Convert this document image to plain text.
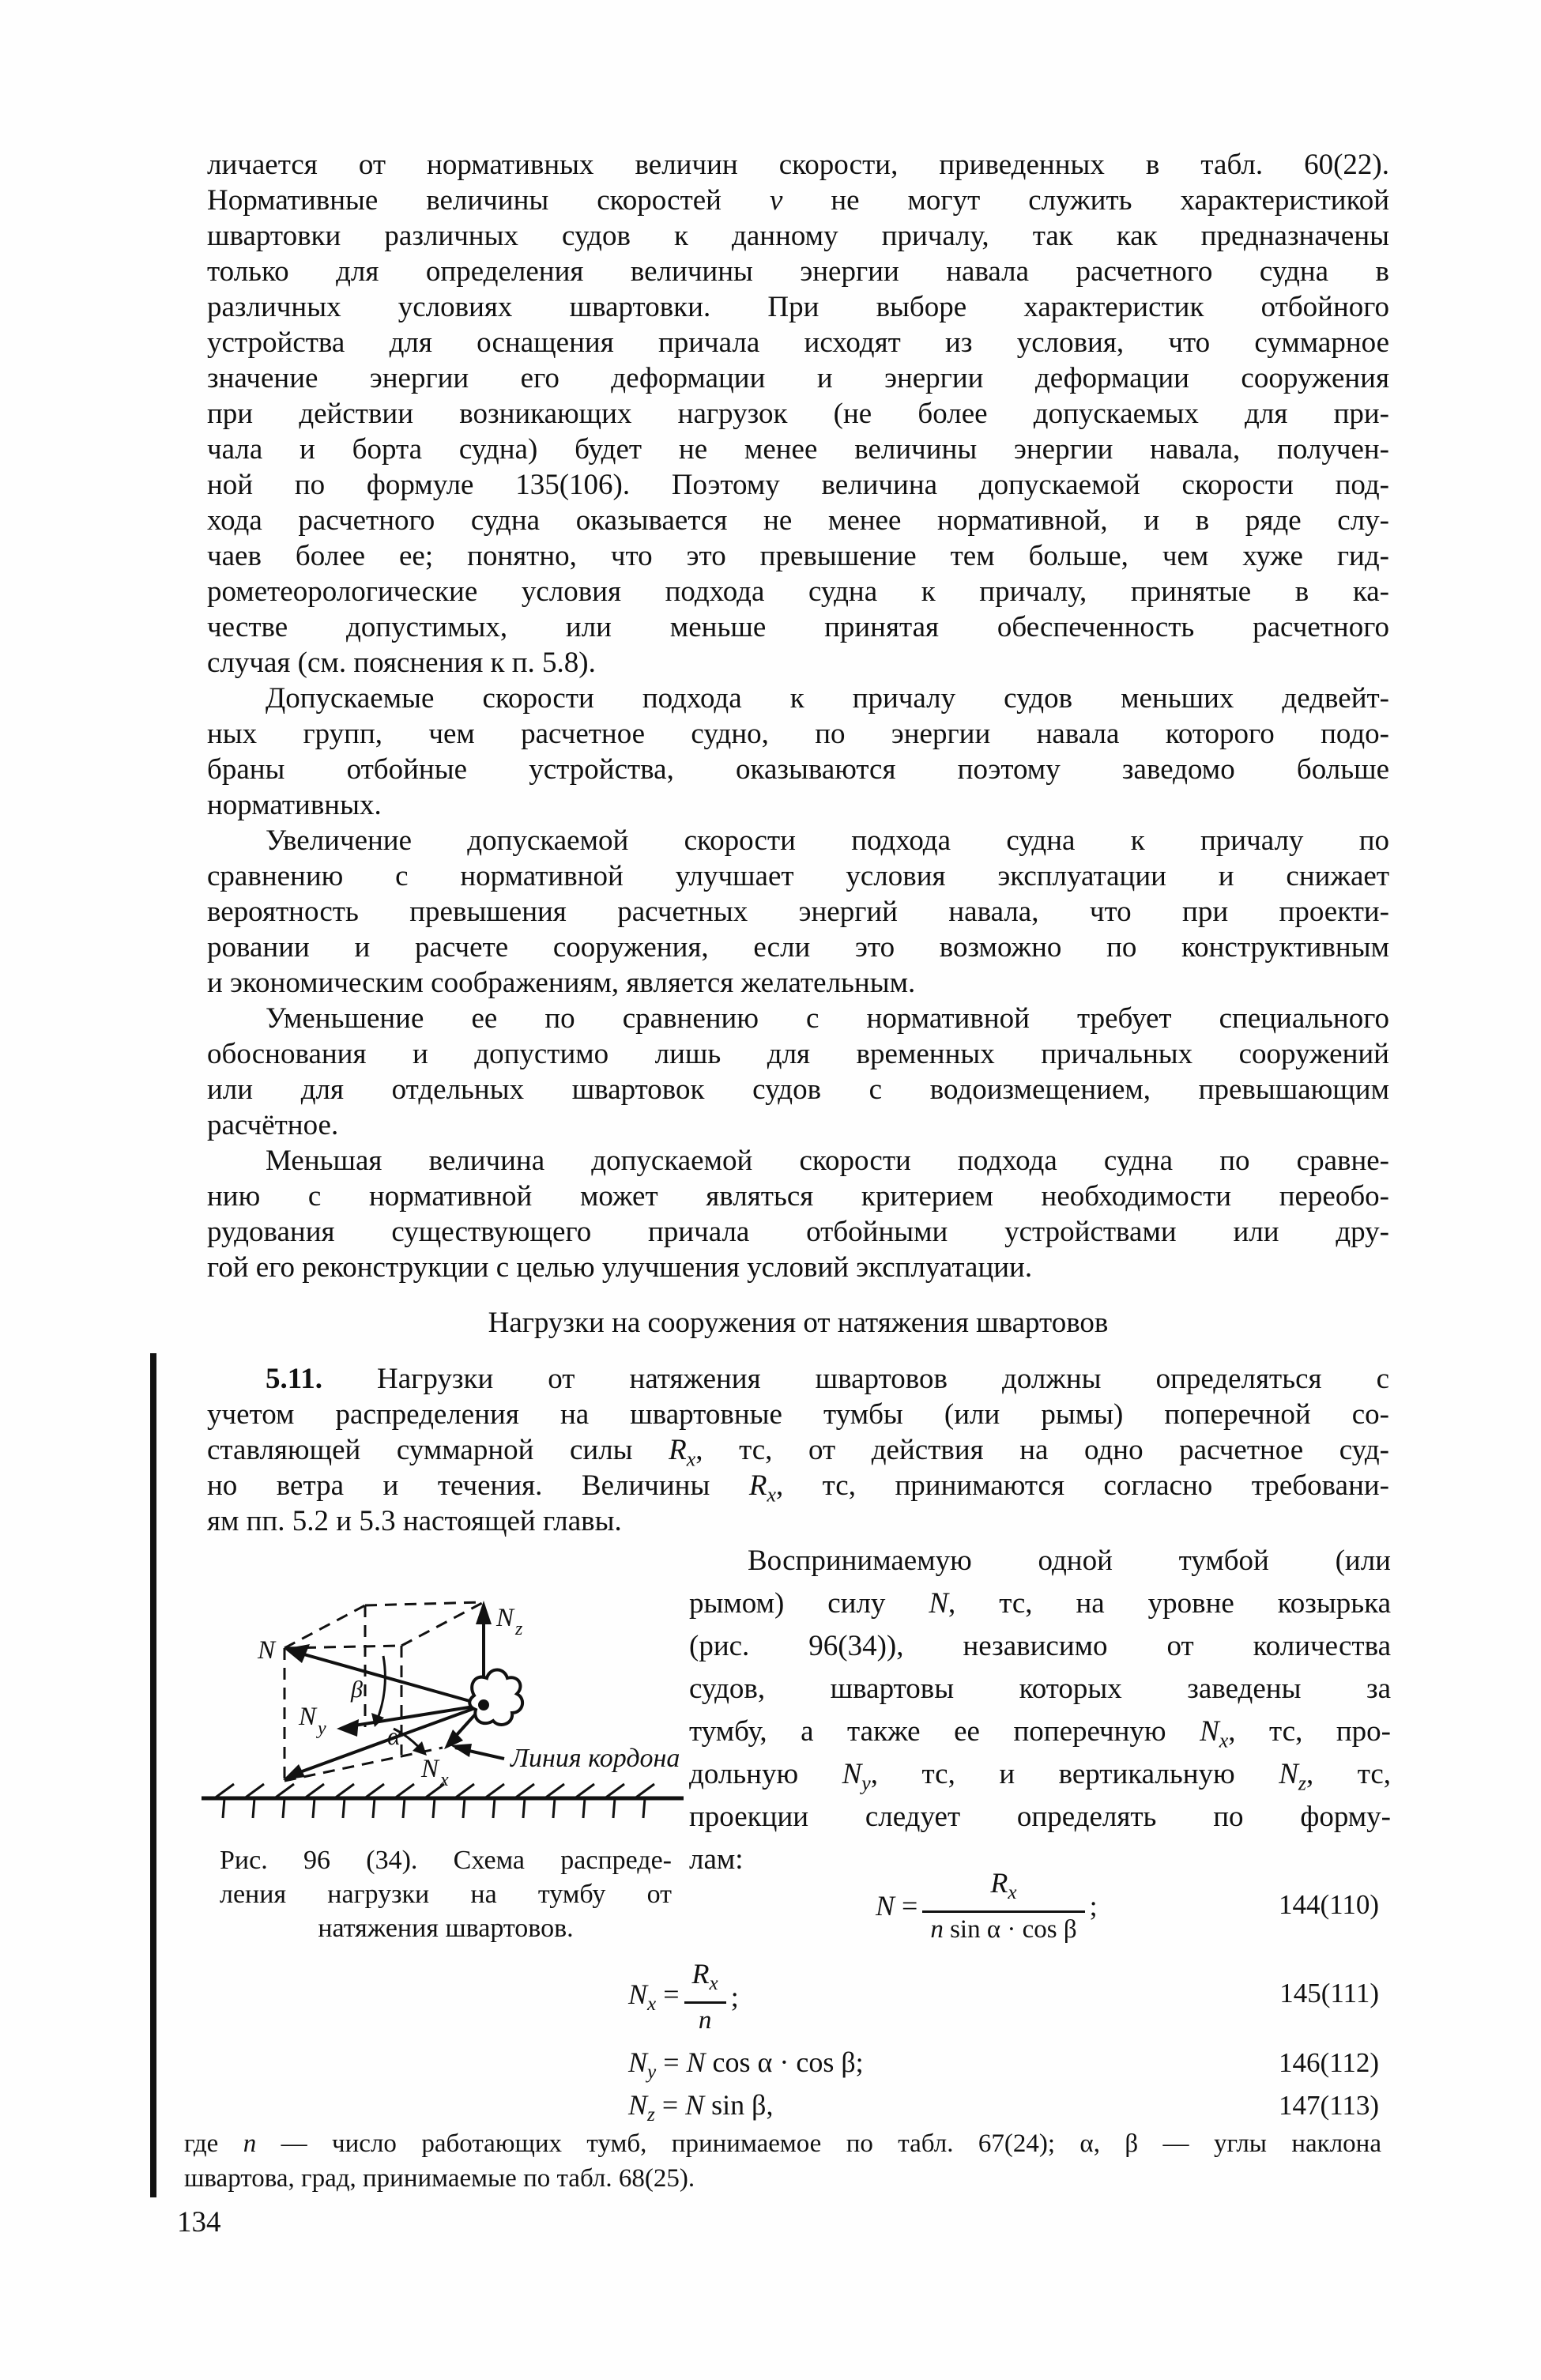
личается от нормативных величин скорости, приведенных в табл. 60(22).
Нормативные величины скоростей v не могут служить характеристикой
швартовки различных судов к данному причалу, так как предназначены
только для определения величины энергии навала расчетного судна в
различных условиях швартовки. При выборе характеристик отбойного
устройства для оснащения причала исходят из условия, что суммарное
значение энергии его деформации и энергии деформации сооружения
при действии возникающих нагрузок (не более допускаемых для при-
чала и борта судна) будет не менее величины энергии навала, получен-
ной по формуле 135(106). Поэтому величина допускаемой скорости под-
хода расчетного судна оказывается не менее нормативной, и в ряде слу-
чаев более ее; понятно, что это превышение тем больше, чем хуже гид-
рометеорологические условия подхода судна к причалу, принятые в ка-
честве допустимых, или меньше принятая обеспеченность расчетного
случая (см. пояснения к п. 5.8).
Допускаемые скорости подхода к причалу судов меньших дедвейт-
ных групп, чем расчетное судно, по энергии навала которого подо-
браны отбойные устройства, оказываются поэтому заведомо больше
нормативных.
Увеличение допускаемой скорости подхода судна к причалу по
сравнению с нормативной улучшает условия эксплуатации и снижает
вероятность превышения расчетных энергий навала, что при проекти-
ровании и расчете сооружения, если это возможно по конструктивным
и экономическим соображениям, является желательным.
Уменьшение ее по сравнению с нормативной требует специального
обоснования и допустимо лишь для временных причальных сооружений
или для отдельных швартовок судов с водоизмещением, превышающим
расчётное.
Меньшая величина допускаемой скорости подхода судна по сравне-
нию с нормативной может являться критерием необходимости переобо-
рудования существующего причала отбойными устройствами или дру-
гой его реконструкции с целью улучшения условий эксплуатации.
Нагрузки на сооружения от натяжения швартовов
5.11. Нагрузки от натяжения швартовов должны определяться с
учетом распределения на швартовные тумбы (или рымы) поперечной со-
ставляющей суммарной силы $R_x$, тс, от действия на одно расчетное суд-
но ветра и течения. Величины $R_x$, тс, принимаются согласно требовани-
ям пп. 5.2 и 5.3 настоящей главы.
N
N z
N y
N x
β
α
Линия кордона
Рис. 96 (34). Схема распреде-
ления нагрузки на тумбу от
натяжения швартовов.
Воспринимаемую одной тумбой (или
рымом) силу N, тс, на уровне козырька
(рис. 96(34)), независимо от количества
судов, швартовы которых заведены за
тумбу, а также ее поперечную $N_x$, тс, про-
дольную $N_y$, тс, и вертикальную $N_z$, тс,
проекции следует определять по форму-
лам:
$N = \frac{R_x}{\text{n sin α · cos β}}$ ;	144(110)
$N_x = \frac{R_x}{n}$ ;	145(111)
$N_y = N$ cos α · cos β;	146(112)
$N_z = N$ sin β,	147(113)
где n — число работающих тумб, принимаемое по табл. 67(24); α, β — углы наклона
швартова, град, принимаемые по табл. 68(25).
134
